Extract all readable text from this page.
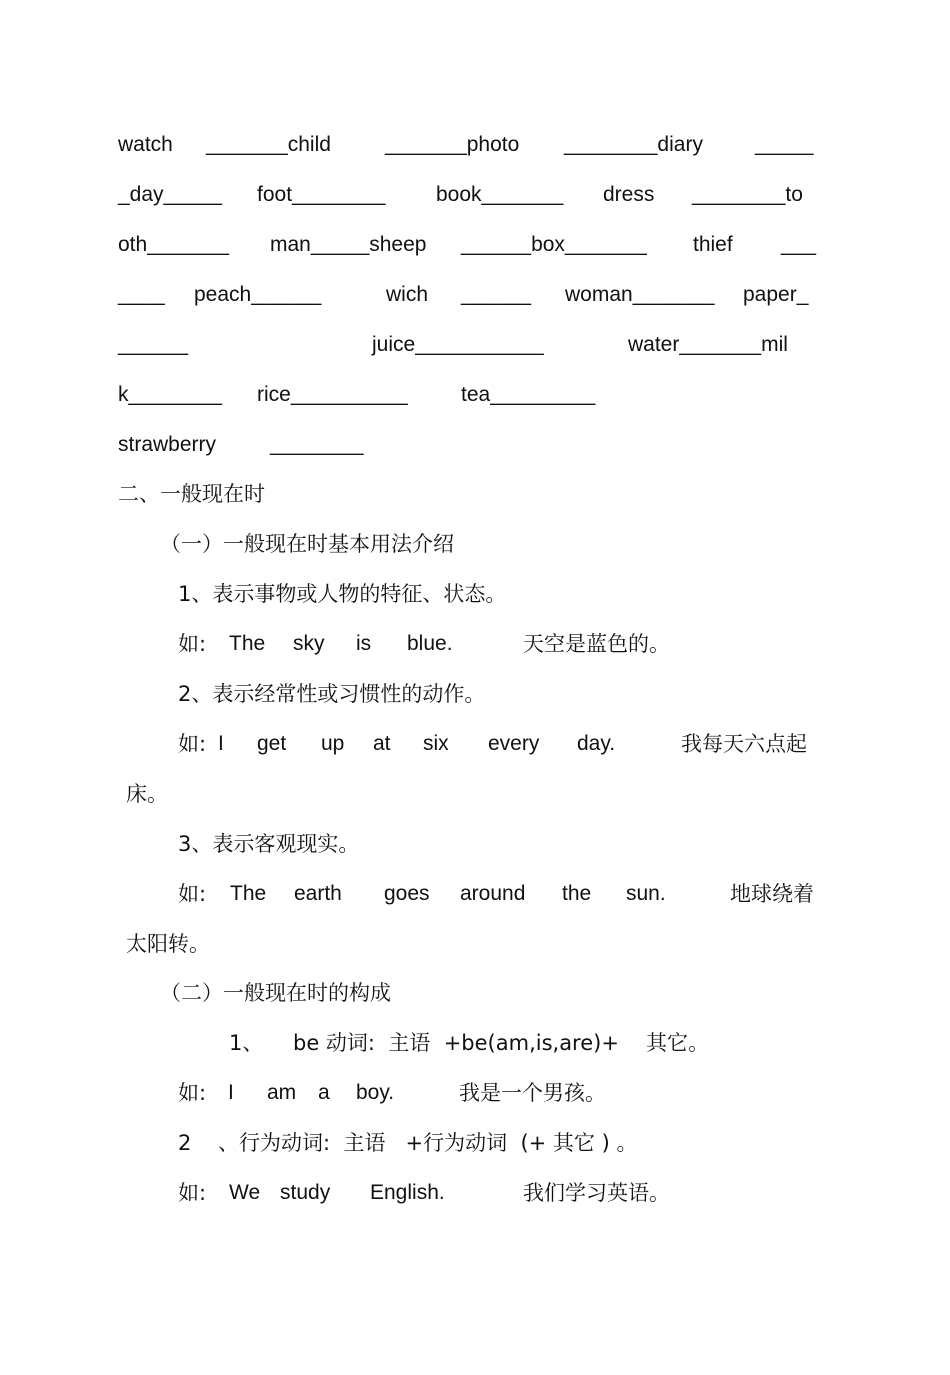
watch

_______child

	_______photo

________diary

_____

_day_____

foot________

book_______

dress

________to

oth_______

man_____sheep

______box_______

thief

___

____

peach______

	wich

______

woman_______

paper_

______

	juice___________

	water_______mil

k________

rice__________

	tea_________

strawberry

	________

二、一般现在时
（一）一般现在时基本用法介绍
1、表示事物或人物的特征、状态。

如:

The

sky

is

blue.

	天空是蓝色的。

2、表示经常性或习惯性的动作。

如:

I

get

up

at

six

every

day.

	我每天六点起

床。
3、表示客观现实。

如:

The

earth

goes

around

the

sun.

	地球绕着

太阳转。
（二）一般现在时的构成

1、

be 动词:  主语  +be(am,is,are)+

其它。

如:

I

am

a

boy.

	我是一个男孩。

2    、行为动词:  主语   +行为动词  (+ 其它 ) 。

如:

We

study

English.

	我们学习英语。
